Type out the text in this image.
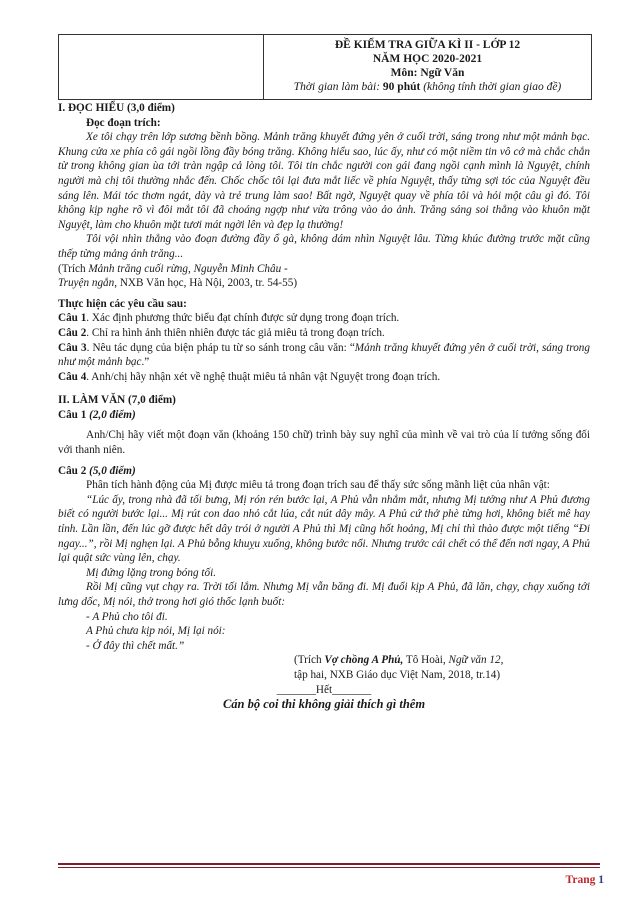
ĐỀ KIỂM TRA GIỮA KÌ II - LỚP 12
NĂM HỌC 2020-2021
Môn: Ngữ Văn
Thời gian làm bài: 90 phút (không tính thời gian giao đề)

I. ĐỌC HIỂU (3,0 điểm)

Đọc đoạn trích:

Xe tôi chạy trên lớp sương bềnh bồng. Mảnh trăng khuyết đứng yên ở cuối trời, sáng trong như một mảnh bạc. Khung cửa xe phía cô gái ngồi lồng đầy bóng trăng. Không hiểu sao, lúc ấy, như có một niềm tin vô cớ mà chắc chắn từ trong không gian ùa tới tràn ngập cả lòng tôi. Tôi tin chắc người con gái đang ngồi cạnh mình là Nguyệt, chính người mà chị tôi thường nhắc đến. Chốc chốc tôi lại đưa mắt liếc về phía Nguyệt, thấy từng sợi tóc của Nguyệt đều sáng lên. Mái tóc thơm ngát, dày và trẻ trung làm sao! Bất ngờ, Nguyệt quay về phía tôi và hỏi một câu gì đó. Tôi không kịp nghe rõ vì đôi mắt tôi đã choáng ngợp như vừa trông vào ảo ảnh. Trăng sáng soi thẳng vào khuôn mặt Nguyệt, làm cho khuôn mặt tươi mát ngời lên và đẹp lạ thường!

Tôi vội nhìn thẳng vào đoạn đường đầy ổ gà, không dám nhìn Nguyệt lâu. Từng khúc đường trước mặt cũng thếp từng mảng ánh trăng...

(Trích Mảnh trăng cuối rừng, Nguyễn Minh Châu -
Truyện ngắn, NXB Văn học, Hà Nội, 2003, tr. 54-55)

Thực hiện các yêu cầu sau:

Câu 1. Xác định phương thức biểu đạt chính được sử dụng trong đoạn trích.

Câu 2. Chỉ ra hình ảnh thiên nhiên được tác giả miêu tả trong đoạn trích.

Câu 3. Nêu tác dụng của biện pháp tu từ so sánh trong câu văn: “Mảnh trăng khuyết đứng yên ở cuối trời, sáng trong như một mảnh bạc.”

Câu 4. Anh/chị hãy nhận xét về nghệ thuật miêu tả nhân vật Nguyệt trong đoạn trích.

II. LÀM VĂN (7,0 điểm)

Câu 1 (2,0 điểm)

Anh/Chị hãy viết một đoạn văn (khoảng 150 chữ) trình bày suy nghĩ của mình về vai trò của lí tưởng sống đối với thanh niên.

Câu 2 (5,0 điểm)

Phân tích hành động của Mị được miêu tả trong đoạn trích sau để thấy sức sống mãnh liệt của nhân vật:

“Lúc ấy, trong nhà đã tối bưng, Mị rón rén bước lại, A Phủ vẫn nhắm mắt, nhưng Mị tưởng như A Phủ đương biết có người bước lại... Mị rút con dao nhỏ cắt lúa, cắt nút dây mây. A Phủ cứ thở phè từng hơi, không biết mê hay tỉnh. Lần lần, đến lúc gỡ được hết dây trói ở người A Phủ thì Mị cũng hốt hoảng, Mị chỉ thì thào được một tiếng “Đi ngay...”, rồi Mị nghẹn lại. A Phủ bỗng khuỵu xuống, không bước nổi. Nhưng trước cái chết có thể đến nơi ngay, A Phủ lại quật sức vùng lên, chạy.

Mị đứng lặng trong bóng tối.

Rồi Mị cũng vụt chạy ra. Trời tối lắm. Nhưng Mị vẫn băng đi. Mị đuổi kịp A Phủ, đã lăn, chạy, chạy xuống tới lưng dốc, Mị nói, thở trong hơi gió thốc lạnh buốt:

- A Phủ cho tôi đi.

A Phủ chưa kịp nói, Mị lại nói:

- Ở đây thì chết mất.”

(Trích Vợ chồng A Phủ, Tô Hoài, Ngữ văn 12,
tập hai, NXB Giáo dục Việt Nam, 2018, tr.14)

_______Hết_______

Cán bộ coi thi không giải thích gì thêm

Trang 1
